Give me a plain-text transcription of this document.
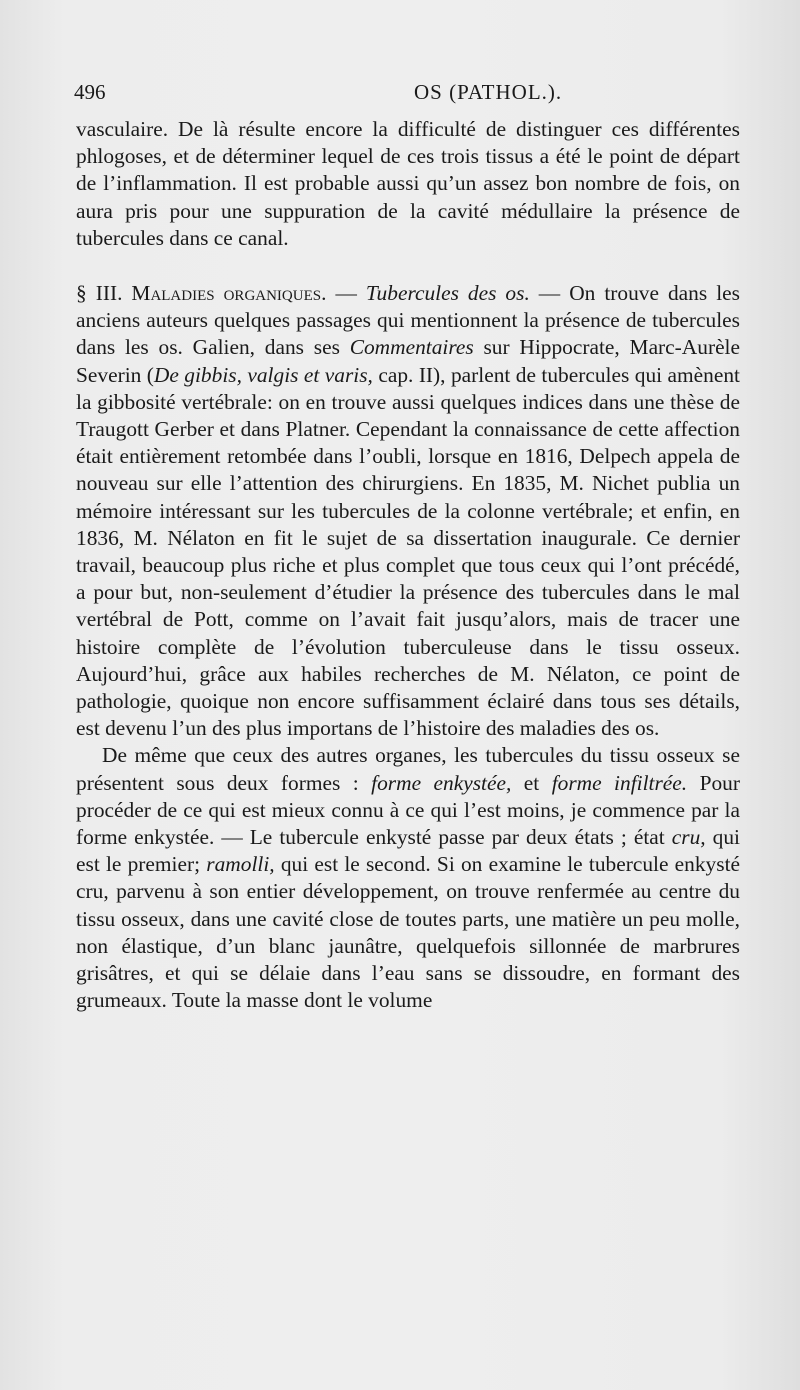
496	OS (PATHOL.).

vasculaire. De là résulte encore la difficulté de distinguer ces différentes phlogoses, et de déterminer lequel de ces trois tissus a été le point de départ de l’inflammation. Il est probable aussi qu’un assez bon nombre de fois, on aura pris pour une suppuration de la cavité médullaire la présence de tubercules dans ce canal.

§ III. Maladies organiques. — Tubercules des os. — On trouve dans les anciens auteurs quelques passages qui mentionnent la présence de tubercules dans les os. Galien, dans ses Commentaires sur Hippocrate, Marc-Aurèle Severin (De gibbis, valgis et varis, cap. II), parlent de tubercules qui amènent la gibbosité vertébrale: on en trouve aussi quelques indices dans une thèse de Traugott Gerber et dans Platner. Cependant la connaissance de cette affection était entièrement retombée dans l’oubli, lorsque en 1816, Delpech appela de nouveau sur elle l’attention des chirurgiens. En 1835, M. Nichet publia un mémoire intéressant sur les tubercules de la colonne vertébrale; et enfin, en 1836, M. Nélaton en fit le sujet de sa dissertation inaugurale. Ce dernier travail, beaucoup plus riche et plus complet que tous ceux qui l’ont précédé, a pour but, non-seulement d’étudier la présence des tubercules dans le mal vertébral de Pott, comme on l’avait fait jusqu’alors, mais de tracer une histoire complète de l’évolution tuberculeuse dans le tissu osseux. Aujourd’hui, grâce aux habiles recherches de M. Nélaton, ce point de pathologie, quoique non encore suffisamment éclairé dans tous ses détails, est devenu l’un des plus importans de l’histoire des maladies des os.

De même que ceux des autres organes, les tubercules du tissu osseux se présentent sous deux formes : forme enkystée, et forme infiltrée. Pour procéder de ce qui est mieux connu à ce qui l’est moins, je commence par la forme enkystée. — Le tubercule enkysté passe par deux états ; état cru, qui est le premier; ramolli, qui est le second. Si on examine le tubercule enkysté cru, parvenu à son entier développement, on trouve renfermée au centre du tissu osseux, dans une cavité close de toutes parts, une matière un peu molle, non élastique, d’un blanc jaunâtre, quelquefois sillonnée de marbrures grisâtres, et qui se délaie dans l’eau sans se dissoudre, en formant des grumeaux. Toute la masse dont le volume
